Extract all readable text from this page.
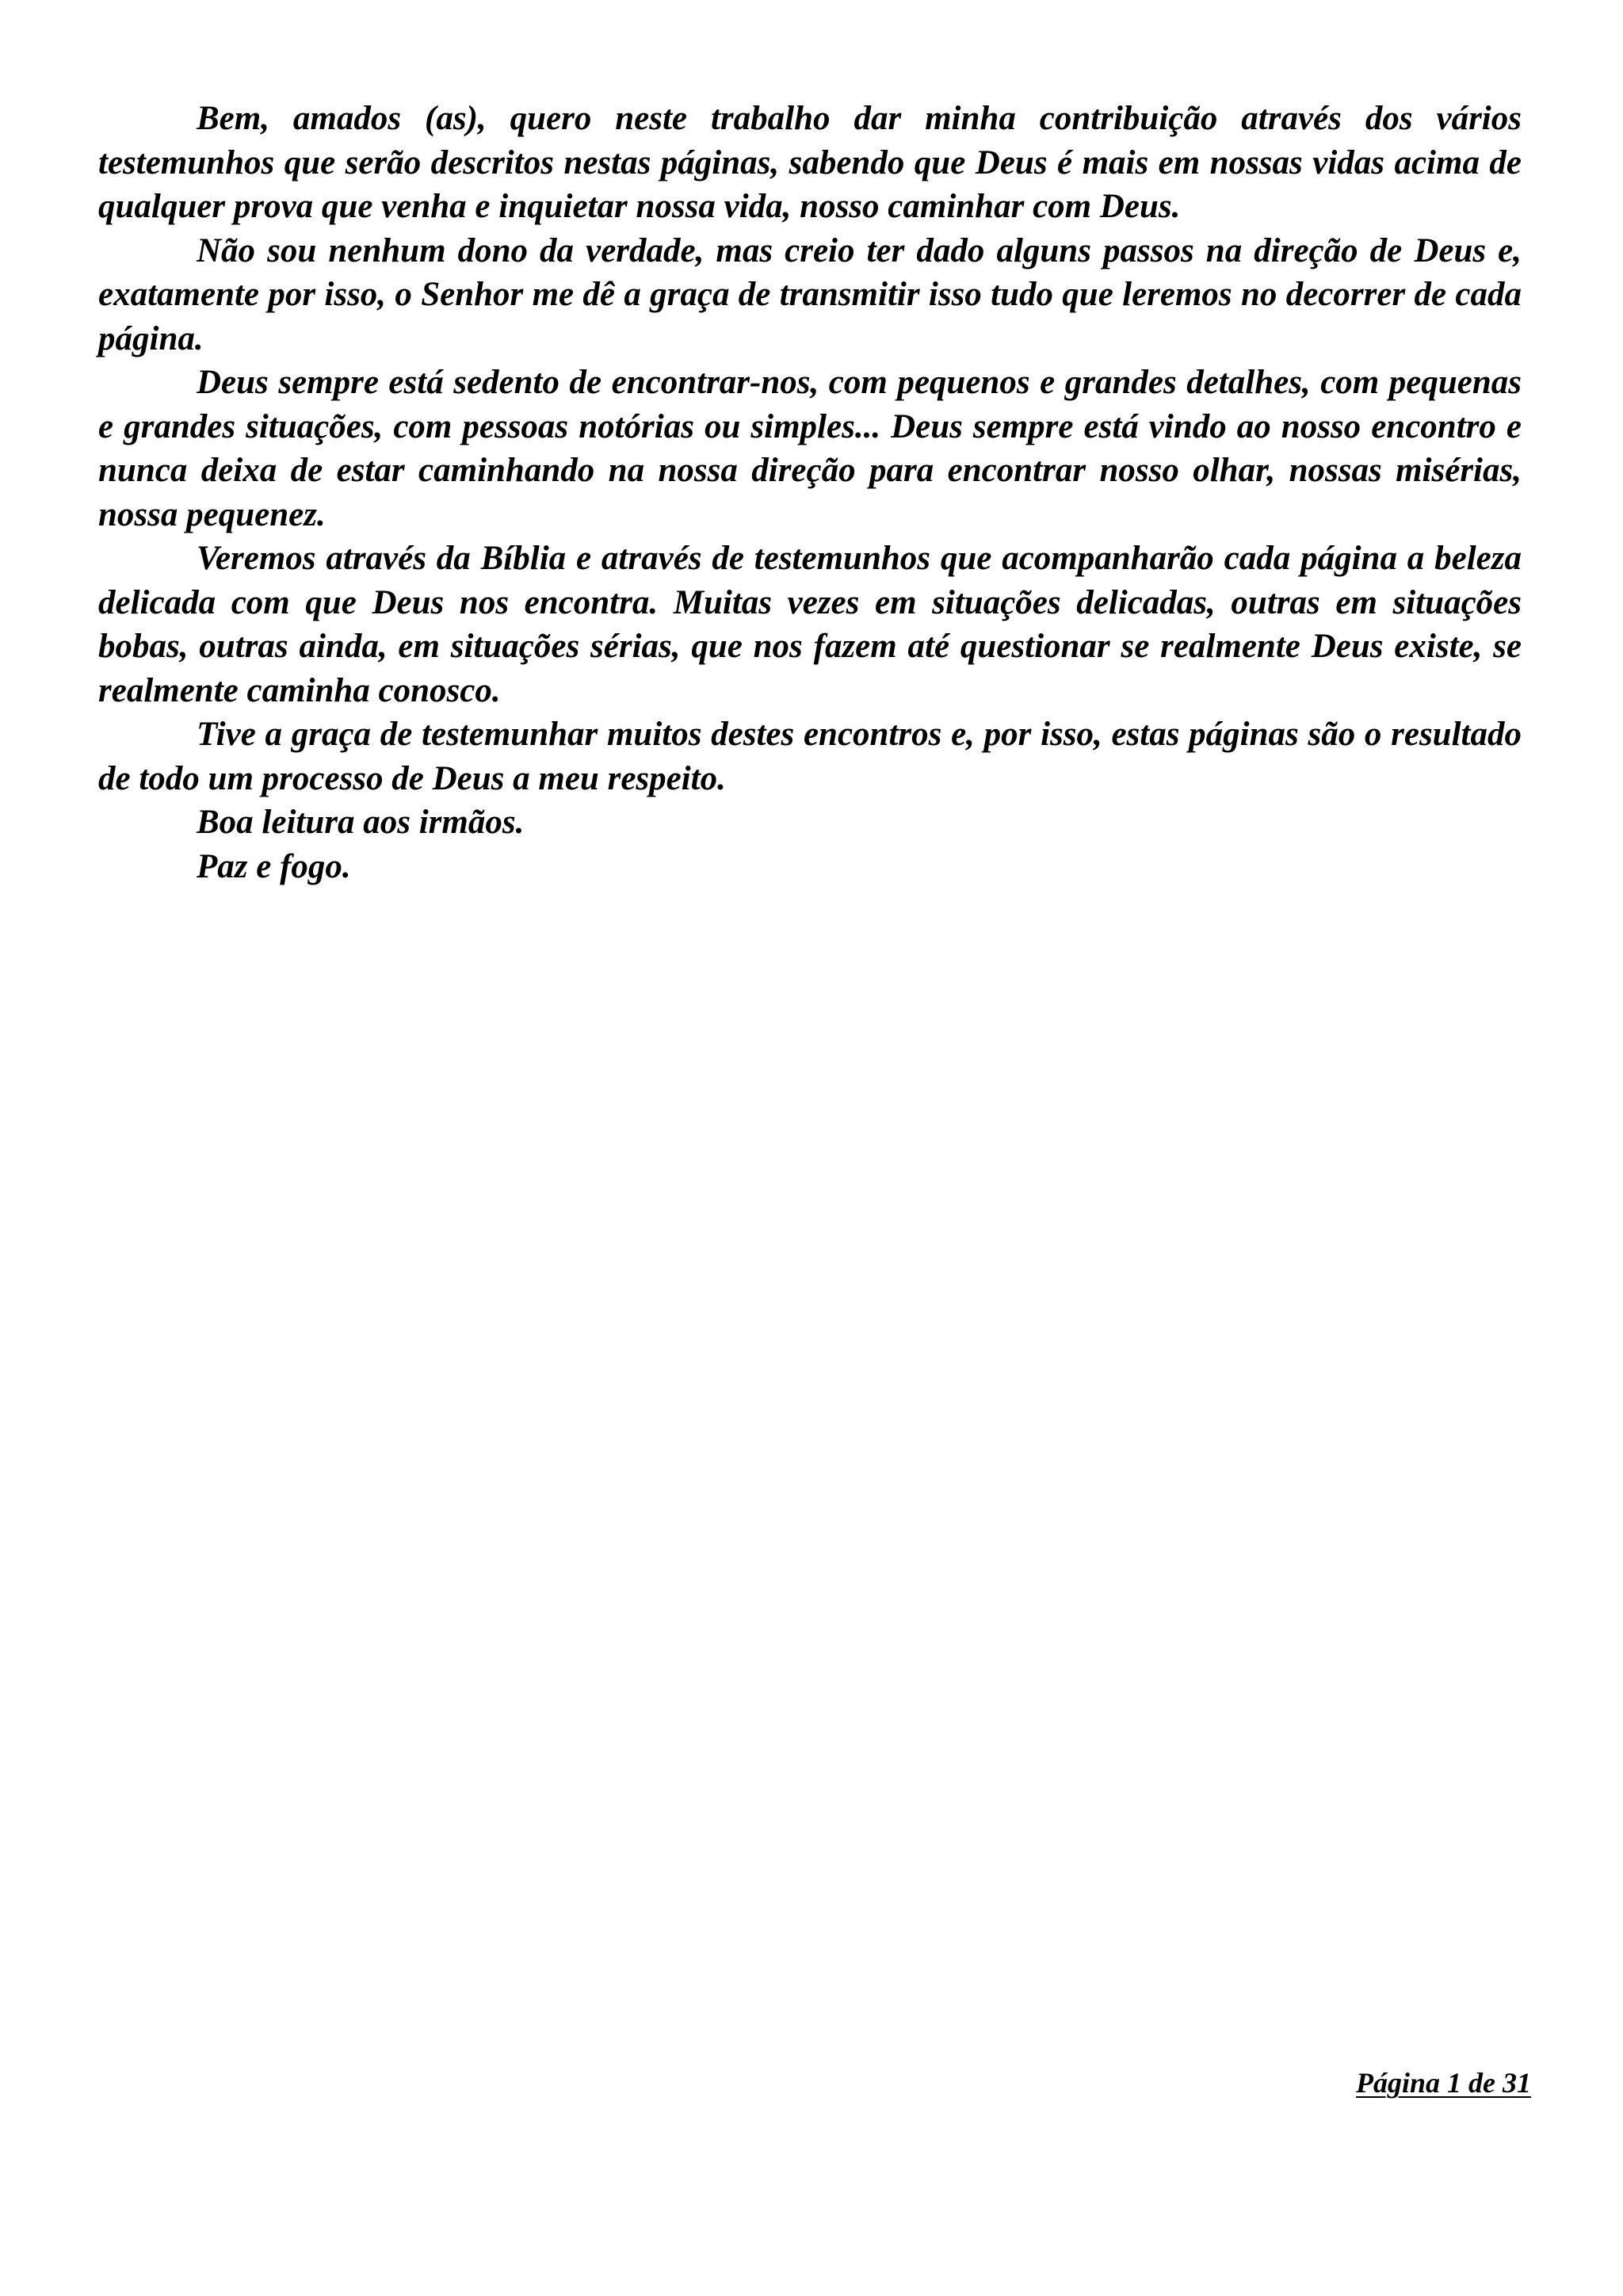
Bem, amados (as), quero neste trabalho dar minha contribuição através dos vários testemunhos que serão descritos nestas páginas, sabendo que Deus é mais em nossas vidas acima de qualquer prova que venha e inquietar nossa vida, nosso caminhar com Deus.

Não sou nenhum dono da verdade, mas creio ter dado alguns passos na direção de Deus e, exatamente por isso, o Senhor me dê a graça de transmitir isso tudo que leremos no decorrer de cada página.

Deus sempre está sedento de encontrar-nos, com pequenos e grandes detalhes, com pequenas e grandes situações, com pessoas notórias ou simples... Deus sempre está vindo ao nosso encontro e nunca deixa de estar caminhando na nossa direção para encontrar nosso olhar, nossas misérias, nossa pequenez.

Veremos através da Bíblia e através de testemunhos que acompanharão cada página a beleza delicada com que Deus nos encontra. Muitas vezes em situações delicadas, outras em situações bobas, outras ainda, em situações sérias, que nos fazem até questionar se realmente Deus existe, se realmente caminha conosco.

Tive a graça de testemunhar muitos destes encontros e, por isso, estas páginas são o resultado de todo um processo de Deus a meu respeito.

Boa leitura aos irmãos.

Paz e fogo.

Página 1 de 31
